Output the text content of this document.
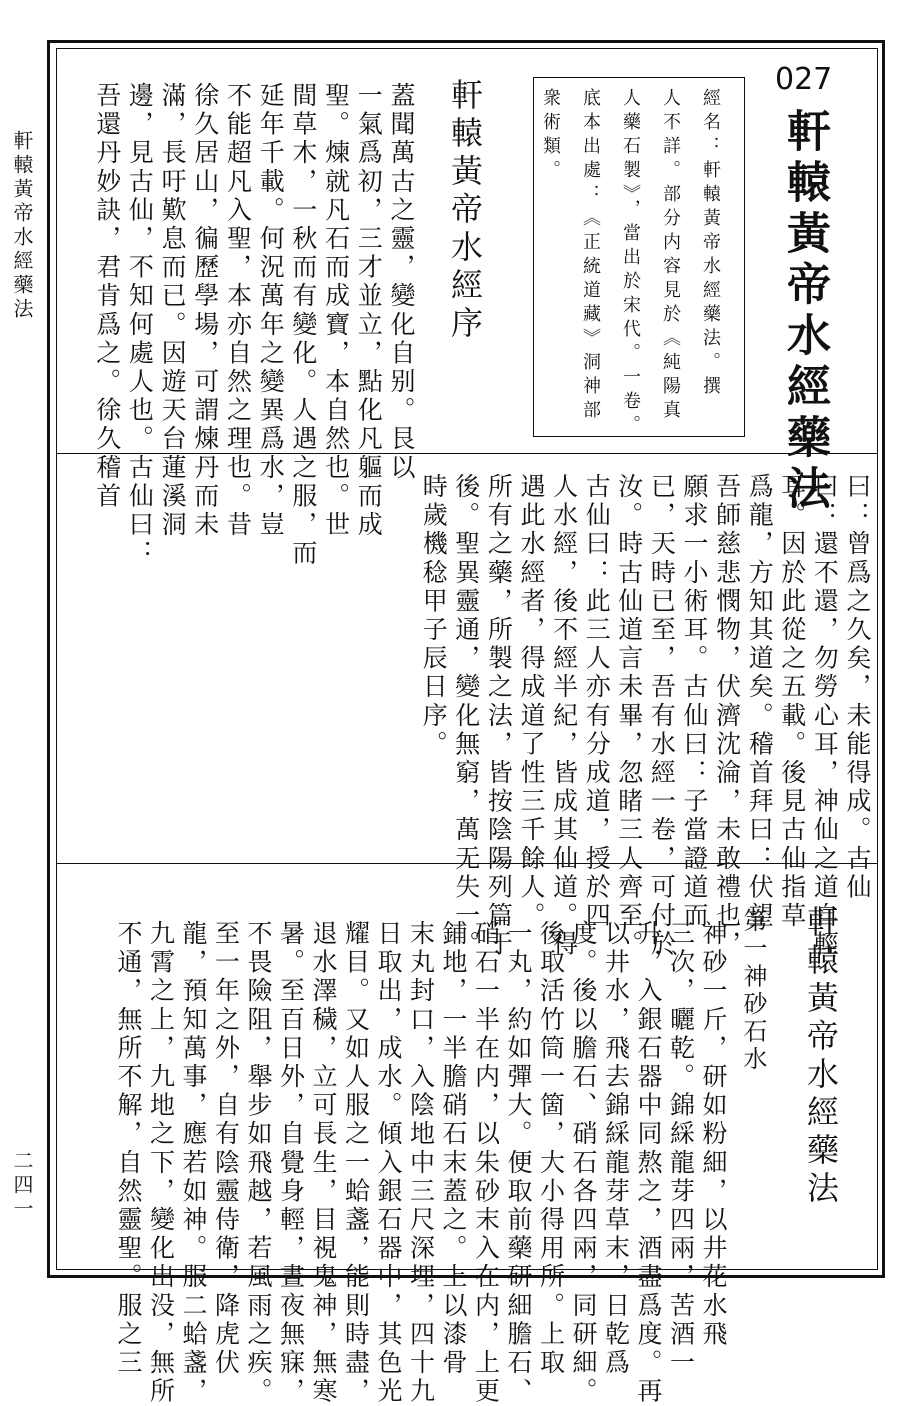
軒轅黃帝水經藥法
二四一
027
軒轅黃帝水經藥法
經名：軒轅黃帝水經藥法。撰
人不詳。部分内容見於《純陽真
人藥石製》，當出於宋代。一卷。
底本出處：《正統道藏》洞神部
衆術類。
軒轅黃帝水經序
蓋聞萬古之靈，變化自别。艮以
一氣爲初，三才並立，點化凡軀而成
聖。煉就凡石而成寶，本自然也。世
間草木，一秋而有變化。人遇之服，而
延年千載。何況萬年之變異爲水，豈
不能超凡入聖，本亦自然之理也。昔
徐久居山，徧歷學場，可謂煉丹而未
滿，長吁歎息而已。因遊天台蓮溪洞
邊，見古仙，不知何處人也。古仙曰：
吾還丹妙訣，君肯爲之。徐久稽首
曰：曾爲之久矣，未能得成。古仙
曰：還不還，勿勞心耳，神仙之道自輕
耳。因於此從之五載。後見古仙指草
爲龍，方知其道矣。稽首拜曰：伏望
吾師慈悲憫物，伏濟沈淪，未敢禮也，
願求一小術耳。古仙曰：子當證道而
已，天時已至，吾有水經一卷，可付於
汝。時古仙道言未畢，忽睹三人齊至。
古仙曰：此三人亦有分成道，授於四
人水經，後不經半紀，皆成其仙道。得
遇此水經者，得成道了性三千餘人。
所有之藥，所製之法，皆按陰陽列篇于
後。聖異靈通，變化無窮，萬无失一。
時歲機稔甲子辰日序。
軒轅黃帝水經藥法
第一神砂石水
神砂一斤，研如粉細，以井花水飛
三次，曬乾。錦綵龍芽四兩，苦酒一
升，入銀石器中同熬之，酒盡爲度。再
以井水，飛去錦綵龍芽草末，日乾爲
度。後以膽石、硝石各四兩，同研細。
後取活竹筒一箇，大小得用所。上取
一丸，約如彈大。便取前藥研細膽石、
硝石一半在内，以朱砂末入在内，上更
鋪地，一半膽硝石末蓋之。上以漆骨
末丸封口，入陰地中三尺深埋，四十九
日取出，成水。傾入銀石器中，其色光
耀目。又如人服之一蛤盞，能則時盡，
退水澤穢，立可長生，目視鬼神，無寒
暑。至百日外，自覺身輕，晝夜無寐，
不畏險阻，舉步如飛越，若風雨之疾。
至一年之外，自有陰靈侍衛，降虎伏
龍，預知萬事，應若如神。服二蛤盞，
九霄之上，九地之下，變化出没，無所
不通，無所不解，自然靈聖。服之三
